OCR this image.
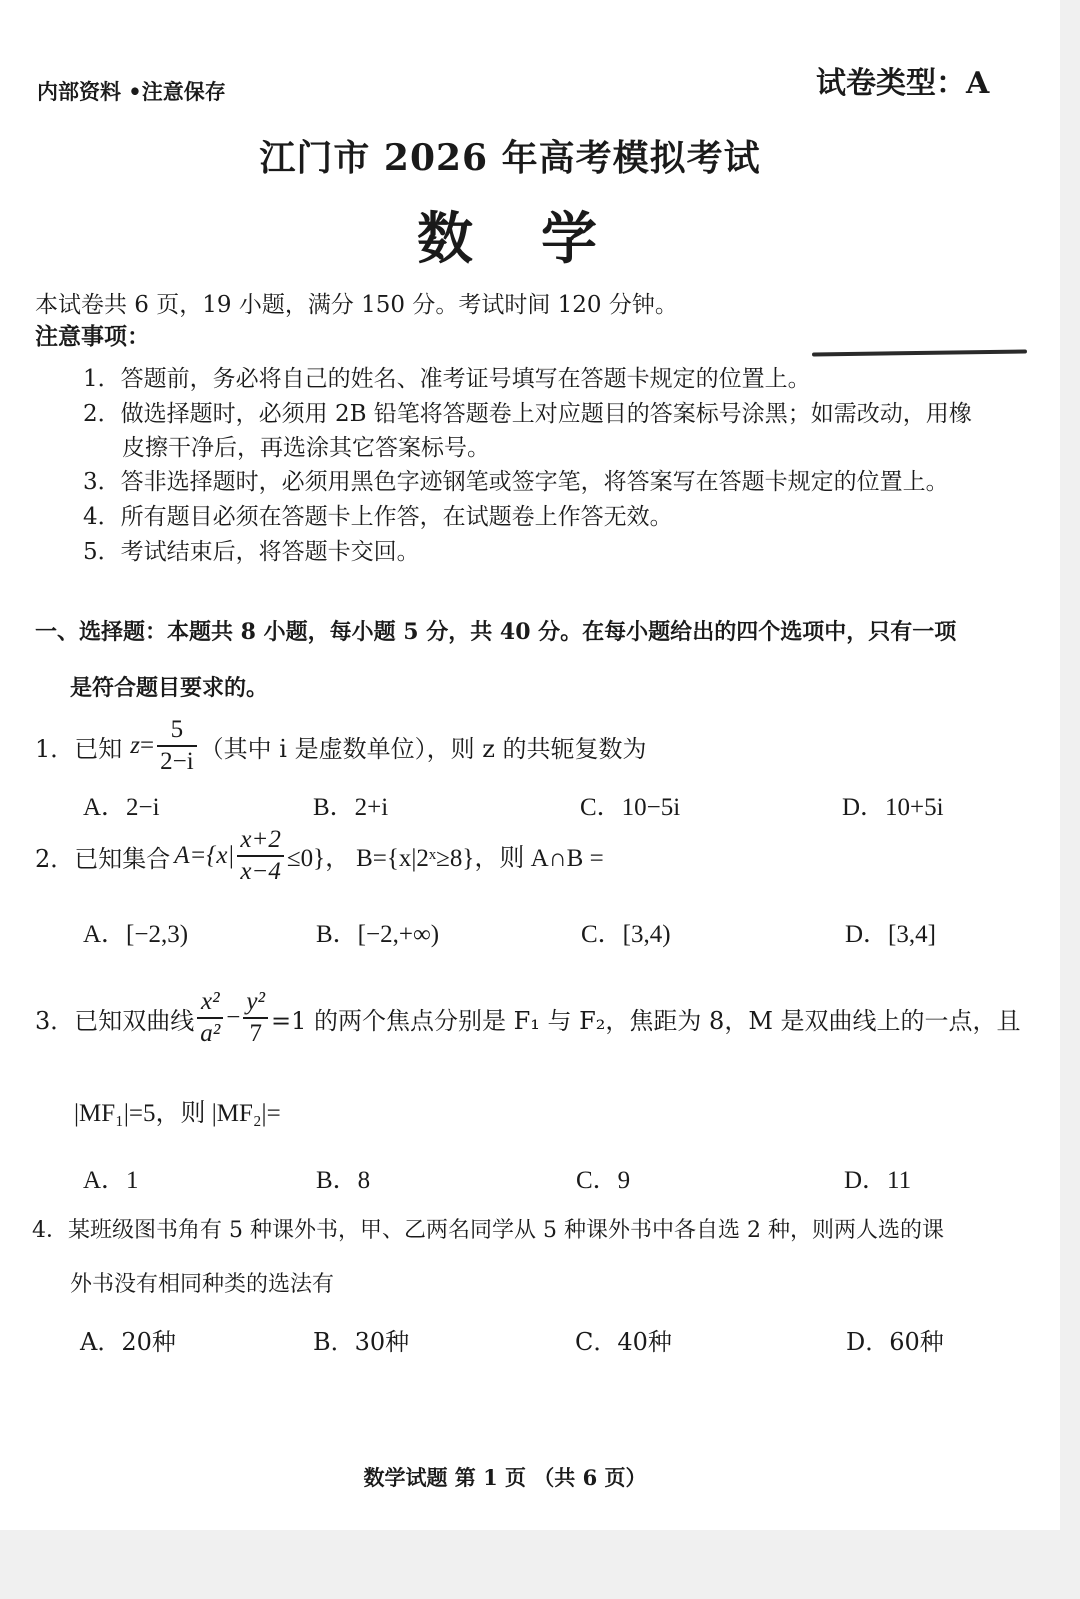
内部资料 •注意保存	试卷类型：A
江门市 2026 年高考模拟考试
数　学
本试卷共 6 页，19 小题，满分 150 分。考试时间 120 分钟。
注意事项：
1．答题前，务必将自己的姓名、准考证号填写在答题卡规定的位置上。
2．做选择题时，必须用 2B 铅笔将答题卷上对应题目的答案标号涂黑；如需改动，用橡
皮擦干净后，再选涂其它答案标号。
3．答非选择题时，必须用黑色字迹钢笔或签字笔，将答案写在答题卡规定的位置上。
4．所有题目必须在答题卡上作答，在试题卷上作答无效。
5．考试结束后，将答题卡交回。
一、选择题：本题共 8 小题，每小题 5 分，共 40 分。在每小题给出的四个选项中，只有一项
是符合题目要求的。
1． 已知 $z = \frac{5}{2-i}$ （其中 i 是虚数单位），则 z 的共轭复数为
A．2−i	B．2+i	C．10−5i	D．10+5i
2． 已知集合 $A=\{x| \frac{x+2}{x-4} \le 0\}$， B={x|2ˣ≥8}，则 A∩B =
A．[−2,3)	B．[−2,+∞)	C．[3,4)	D．[3,4]
3． 已知双曲线 $\frac{\text{x²}}{\text{a²}} - \frac{\text{y²}}{7} =1$ 的两个焦点分别是 F₁ 与 F₂，焦距为 8，M 是双曲线上的一点，且
|MF₁|=5，则 |MF₂|=
A．1	B．8	C．9	D．11
4．某班级图书角有 5 种课外书，甲、乙两名同学从 5 种课外书中各自选 2 种，则两人选的课
外书没有相同种类的选法有
A．20种	B．30种	C．40种	D．60种
数学试题 第 1 页 （共 6 页）
